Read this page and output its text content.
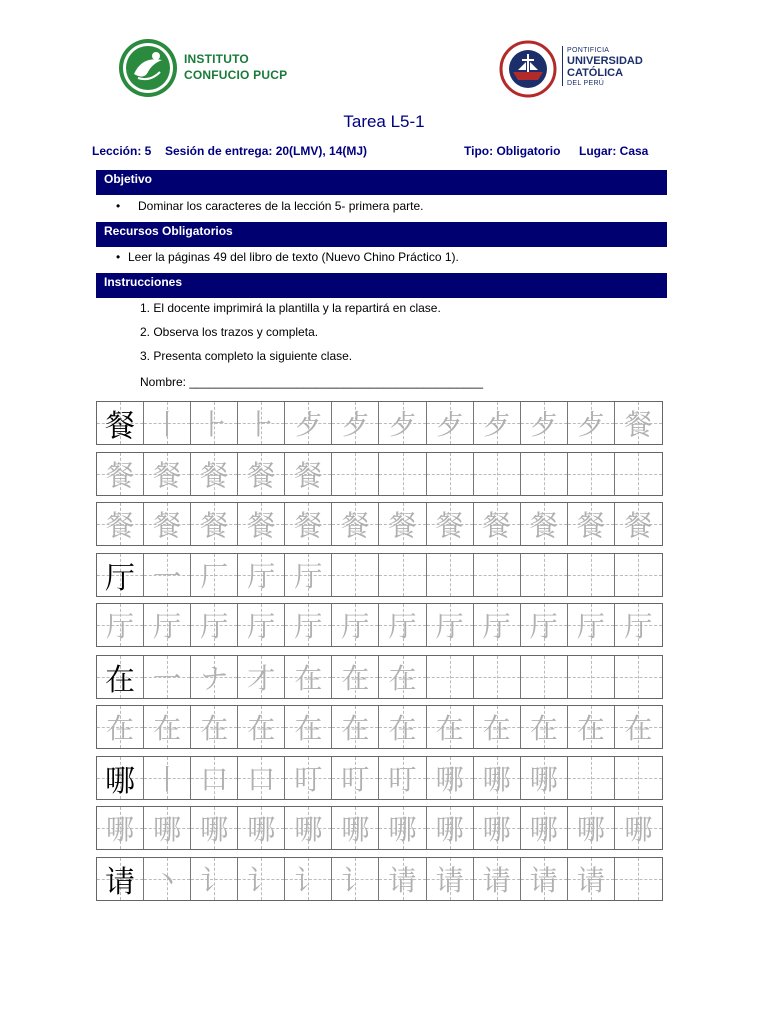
INSTITUTO
CONFUCIO PUCP
PONTIFICIA
UNIVERSIDAD
CATÓLICA
DEL PERÚ
Tarea L5-1
Lección: 5 Sesión de entrega: 20(LMV), 14(MJ)	Tipo: Obligatorio Lugar: Casa
Objetivo
• Dominar los caracteres de la lección 5- primera parte.
Recursos Obligatorios
• Leer la páginas 49 del libro de texto (Nuevo Chino Práctico 1).
Instrucciones
1. El docente imprimirá la plantilla y la repartirá en clase.
2. Observa los trazos y completa.
3. Presenta completo la siguiente clase.
Nombre: ____________________________________________
餐 丨 ⺊ ⺊ 歺 歺 歺 歺 歺 歺 歺 餐
餐 餐 餐 餐 餐
餐 餐 餐 餐 餐 餐 餐 餐 餐 餐 餐 餐
厅 一 厂 厅 厅
厅 厅 厅 厅 厅 厅 厅 厅 厅 厅 厅 厅
在 一 ナ 才 在 在 在
在 在 在 在 在 在 在 在 在 在 在 在
哪 丨 口 口 叮 叮 叮 哪 哪 哪
哪 哪 哪 哪 哪 哪 哪 哪 哪 哪 哪 哪
请 丶 讠 讠 讠 讠 请 请 请 请 请
